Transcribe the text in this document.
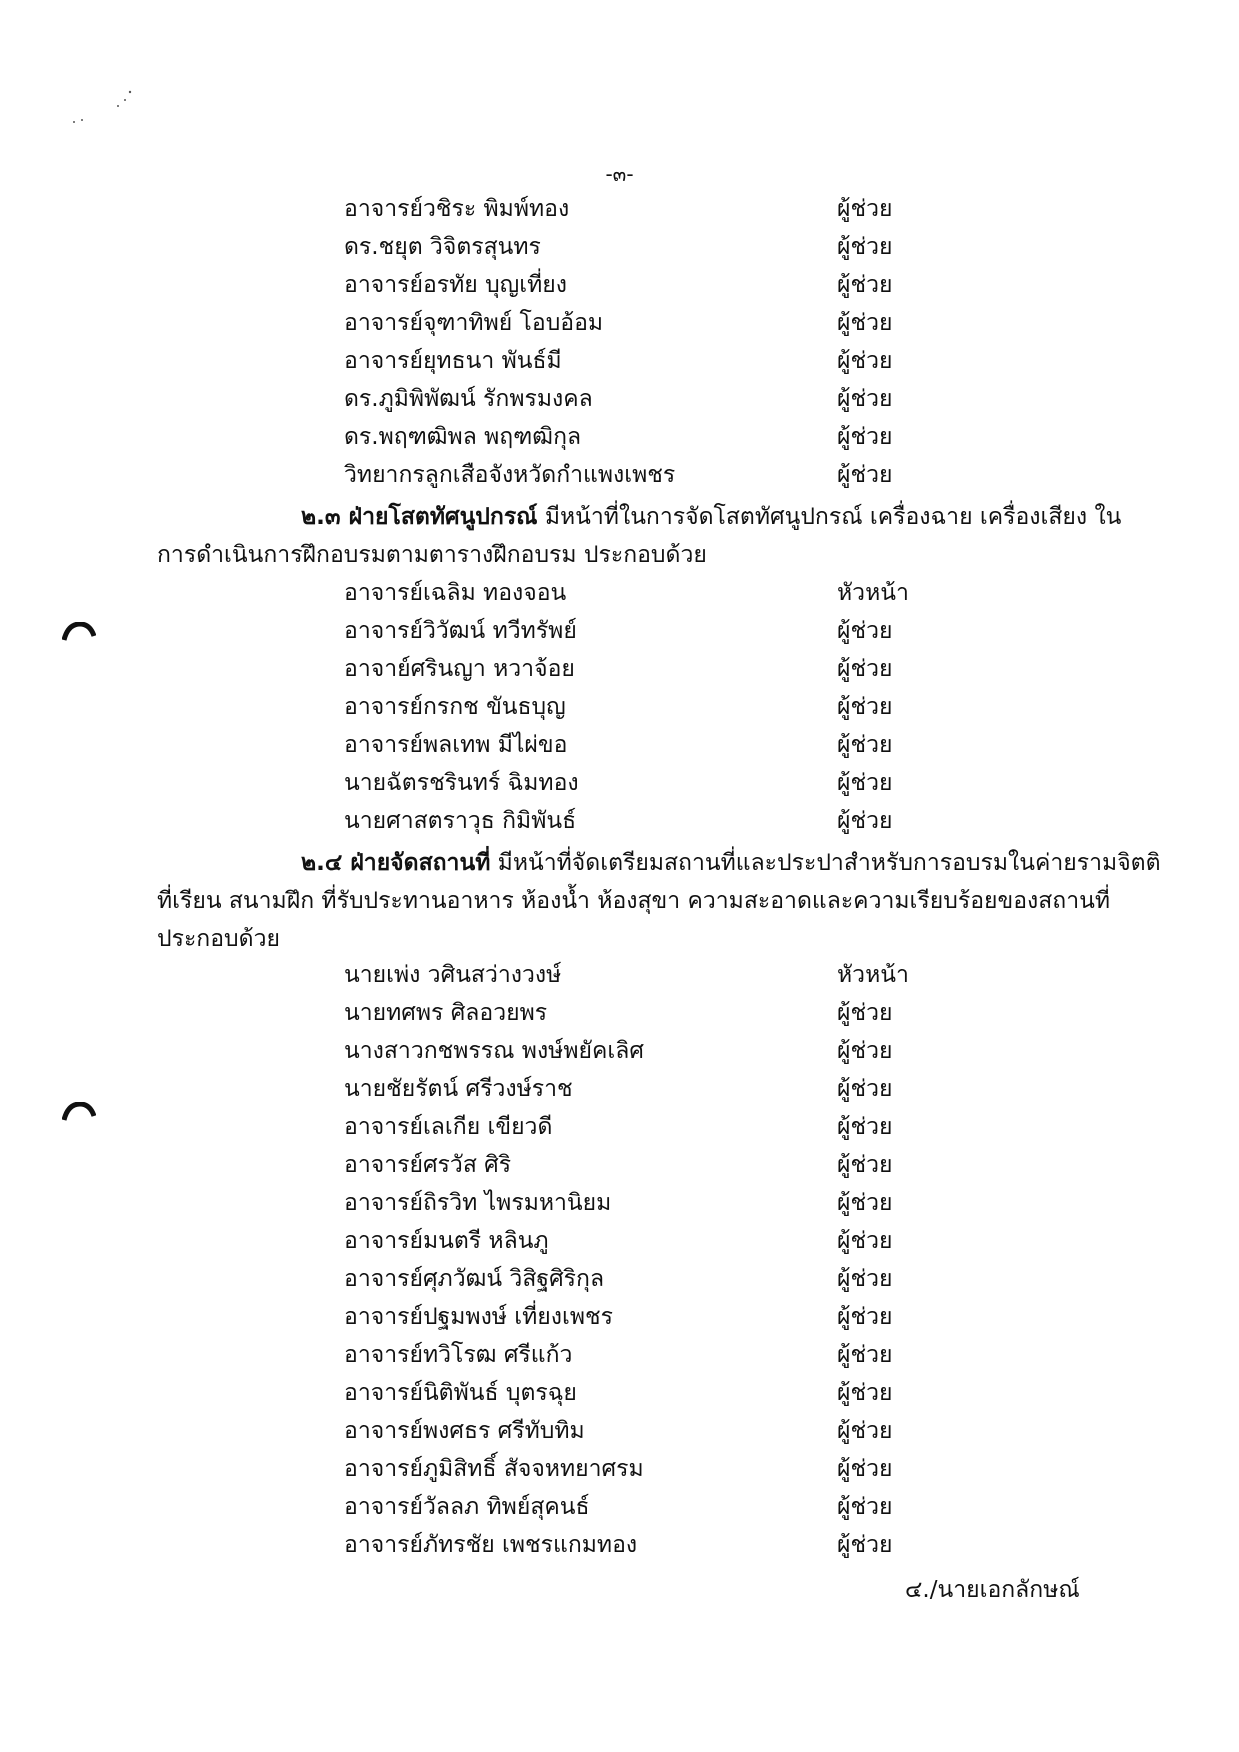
-๓-
อาจารย์วชิระ พิมพ์ทอง	ผู้ช่วย
ดร.ชยุต วิจิตรสุนทร	ผู้ช่วย
อาจารย์อรทัย บุญเที่ยง	ผู้ช่วย
อาจารย์จุฑาทิพย์ โอบอ้อม	ผู้ช่วย
อาจารย์ยุทธนา พันธ์มี	ผู้ช่วย
ดร.ภูมิพิพัฒน์ รักพรมงคล	ผู้ช่วย
ดร.พฤฑฒิพล พฤฑฒิกุล	ผู้ช่วย
วิทยากรลูกเสือจังหวัดกำแพงเพชร	ผู้ช่วย
๒.๓ ฝ่ายโสตทัศนูปกรณ์ มีหน้าที่ในการจัดโสตทัศนูปกรณ์ เครื่องฉาย เครื่องเสียง ใน
การดำเนินการฝึกอบรมตามตารางฝึกอบรม ประกอบด้วย
อาจารย์เฉลิม ทองจอน	หัวหน้า
อาจารย์วิวัฒน์ ทวีทรัพย์	ผู้ช่วย
อาจาย์ศรินญา หวาจ้อย	ผู้ช่วย
อาจารย์กรกช ขันธบุญ	ผู้ช่วย
อาจารย์พลเทพ มีไผ่ขอ	ผู้ช่วย
นายฉัตรชรินทร์ ฉิมทอง	ผู้ช่วย
นายศาสตราวุธ กิมิพันธ์	ผู้ช่วย
๒.๔ ฝ่ายจัดสถานที่ มีหน้าที่จัดเตรียมสถานที่และประปาสำหรับการอบรมในค่ายรามจิตติ
ที่เรียน สนามฝึก ที่รับประทานอาหาร ห้องน้ำ ห้องสุขา ความสะอาดและความเรียบร้อยของสถานที่
ประกอบด้วย
นายเพ่ง วศินสว่างวงษ์	หัวหน้า
นายทศพร ศิลอวยพร	ผู้ช่วย
นางสาวกชพรรณ พงษ์พยัคเลิศ	ผู้ช่วย
นายชัยรัตน์ ศรีวงษ์ราช	ผู้ช่วย
อาจารย์เลเกีย เขียวดี	ผู้ช่วย
อาจารย์ศรวัส ศิริ	ผู้ช่วย
อาจารย์ถิรวิท ไพรมหานิยม	ผู้ช่วย
อาจารย์มนตรี หลินภู	ผู้ช่วย
อาจารย์ศุภวัฒน์ วิสิฐศิริกุล	ผู้ช่วย
อาจารย์ปฐมพงษ์ เที่ยงเพชร	ผู้ช่วย
อาจารย์ทวิโรฒ ศรีแก้ว	ผู้ช่วย
อาจารย์นิติพันธ์ บุตรฉุย	ผู้ช่วย
อาจารย์พงศธร ศรีทับทิม	ผู้ช่วย
อาจารย์ภูมิสิทธิ์ สัจจหทยาศรม	ผู้ช่วย
อาจารย์วัลลภ ทิพย์สุคนธ์	ผู้ช่วย
อาจารย์ภัทรชัย เพชรแกมทอง	ผู้ช่วย
๔./นายเอกลักษณ์
